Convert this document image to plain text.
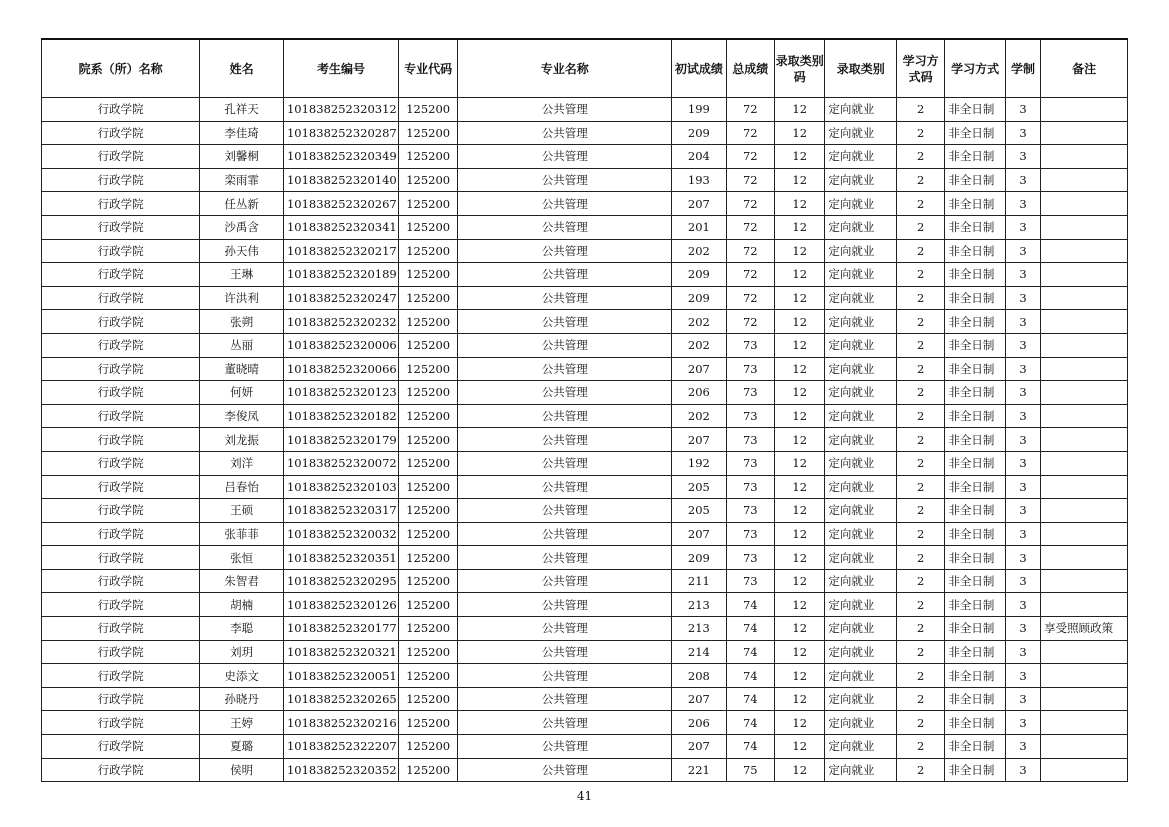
院系（所）名称	姓名	考生编号	专业代码	专业名称	初试成绩	总成绩	录取类别码	录取类别	学习方式码	学习方式	学制	备注
行政学院	孔祥天	101838252320312	125200	公共管理	199	72	12	定向就业	2	非全日制	3	
行政学院	李佳琦	101838252320287	125200	公共管理	209	72	12	定向就业	2	非全日制	3	
行政学院	刘馨桐	101838252320349	125200	公共管理	204	72	12	定向就业	2	非全日制	3	
行政学院	栾雨霏	101838252320140	125200	公共管理	193	72	12	定向就业	2	非全日制	3	
行政学院	任丛新	101838252320267	125200	公共管理	207	72	12	定向就业	2	非全日制	3	
行政学院	沙禹含	101838252320341	125200	公共管理	201	72	12	定向就业	2	非全日制	3	
行政学院	孙天伟	101838252320217	125200	公共管理	202	72	12	定向就业	2	非全日制	3	
行政学院	王琳	101838252320189	125200	公共管理	209	72	12	定向就业	2	非全日制	3	
行政学院	许洪利	101838252320247	125200	公共管理	209	72	12	定向就业	2	非全日制	3	
行政学院	张朔	101838252320232	125200	公共管理	202	72	12	定向就业	2	非全日制	3	
行政学院	丛丽	101838252320006	125200	公共管理	202	73	12	定向就业	2	非全日制	3	
行政学院	董晓晴	101838252320066	125200	公共管理	207	73	12	定向就业	2	非全日制	3	
行政学院	何妍	101838252320123	125200	公共管理	206	73	12	定向就业	2	非全日制	3	
行政学院	李俊凤	101838252320182	125200	公共管理	202	73	12	定向就业	2	非全日制	3	
行政学院	刘龙振	101838252320179	125200	公共管理	207	73	12	定向就业	2	非全日制	3	
行政学院	刘洋	101838252320072	125200	公共管理	192	73	12	定向就业	2	非全日制	3	
行政学院	吕春怡	101838252320103	125200	公共管理	205	73	12	定向就业	2	非全日制	3	
行政学院	王硕	101838252320317	125200	公共管理	205	73	12	定向就业	2	非全日制	3	
行政学院	张菲菲	101838252320032	125200	公共管理	207	73	12	定向就业	2	非全日制	3	
行政学院	张恒	101838252320351	125200	公共管理	209	73	12	定向就业	2	非全日制	3	
行政学院	朱智君	101838252320295	125200	公共管理	211	73	12	定向就业	2	非全日制	3	
行政学院	胡楠	101838252320126	125200	公共管理	213	74	12	定向就业	2	非全日制	3	
行政学院	李聪	101838252320177	125200	公共管理	213	74	12	定向就业	2	非全日制	3	享受照顾政策
行政学院	刘玥	101838252320321	125200	公共管理	214	74	12	定向就业	2	非全日制	3	
行政学院	史添文	101838252320051	125200	公共管理	208	74	12	定向就业	2	非全日制	3	
行政学院	孙晓丹	101838252320265	125200	公共管理	207	74	12	定向就业	2	非全日制	3	
行政学院	王婷	101838252320216	125200	公共管理	206	74	12	定向就业	2	非全日制	3	
行政学院	夏璐	101838252322207	125200	公共管理	207	74	12	定向就业	2	非全日制	3	
行政学院	侯明	101838252320352	125200	公共管理	221	75	12	定向就业	2	非全日制	3	
41
